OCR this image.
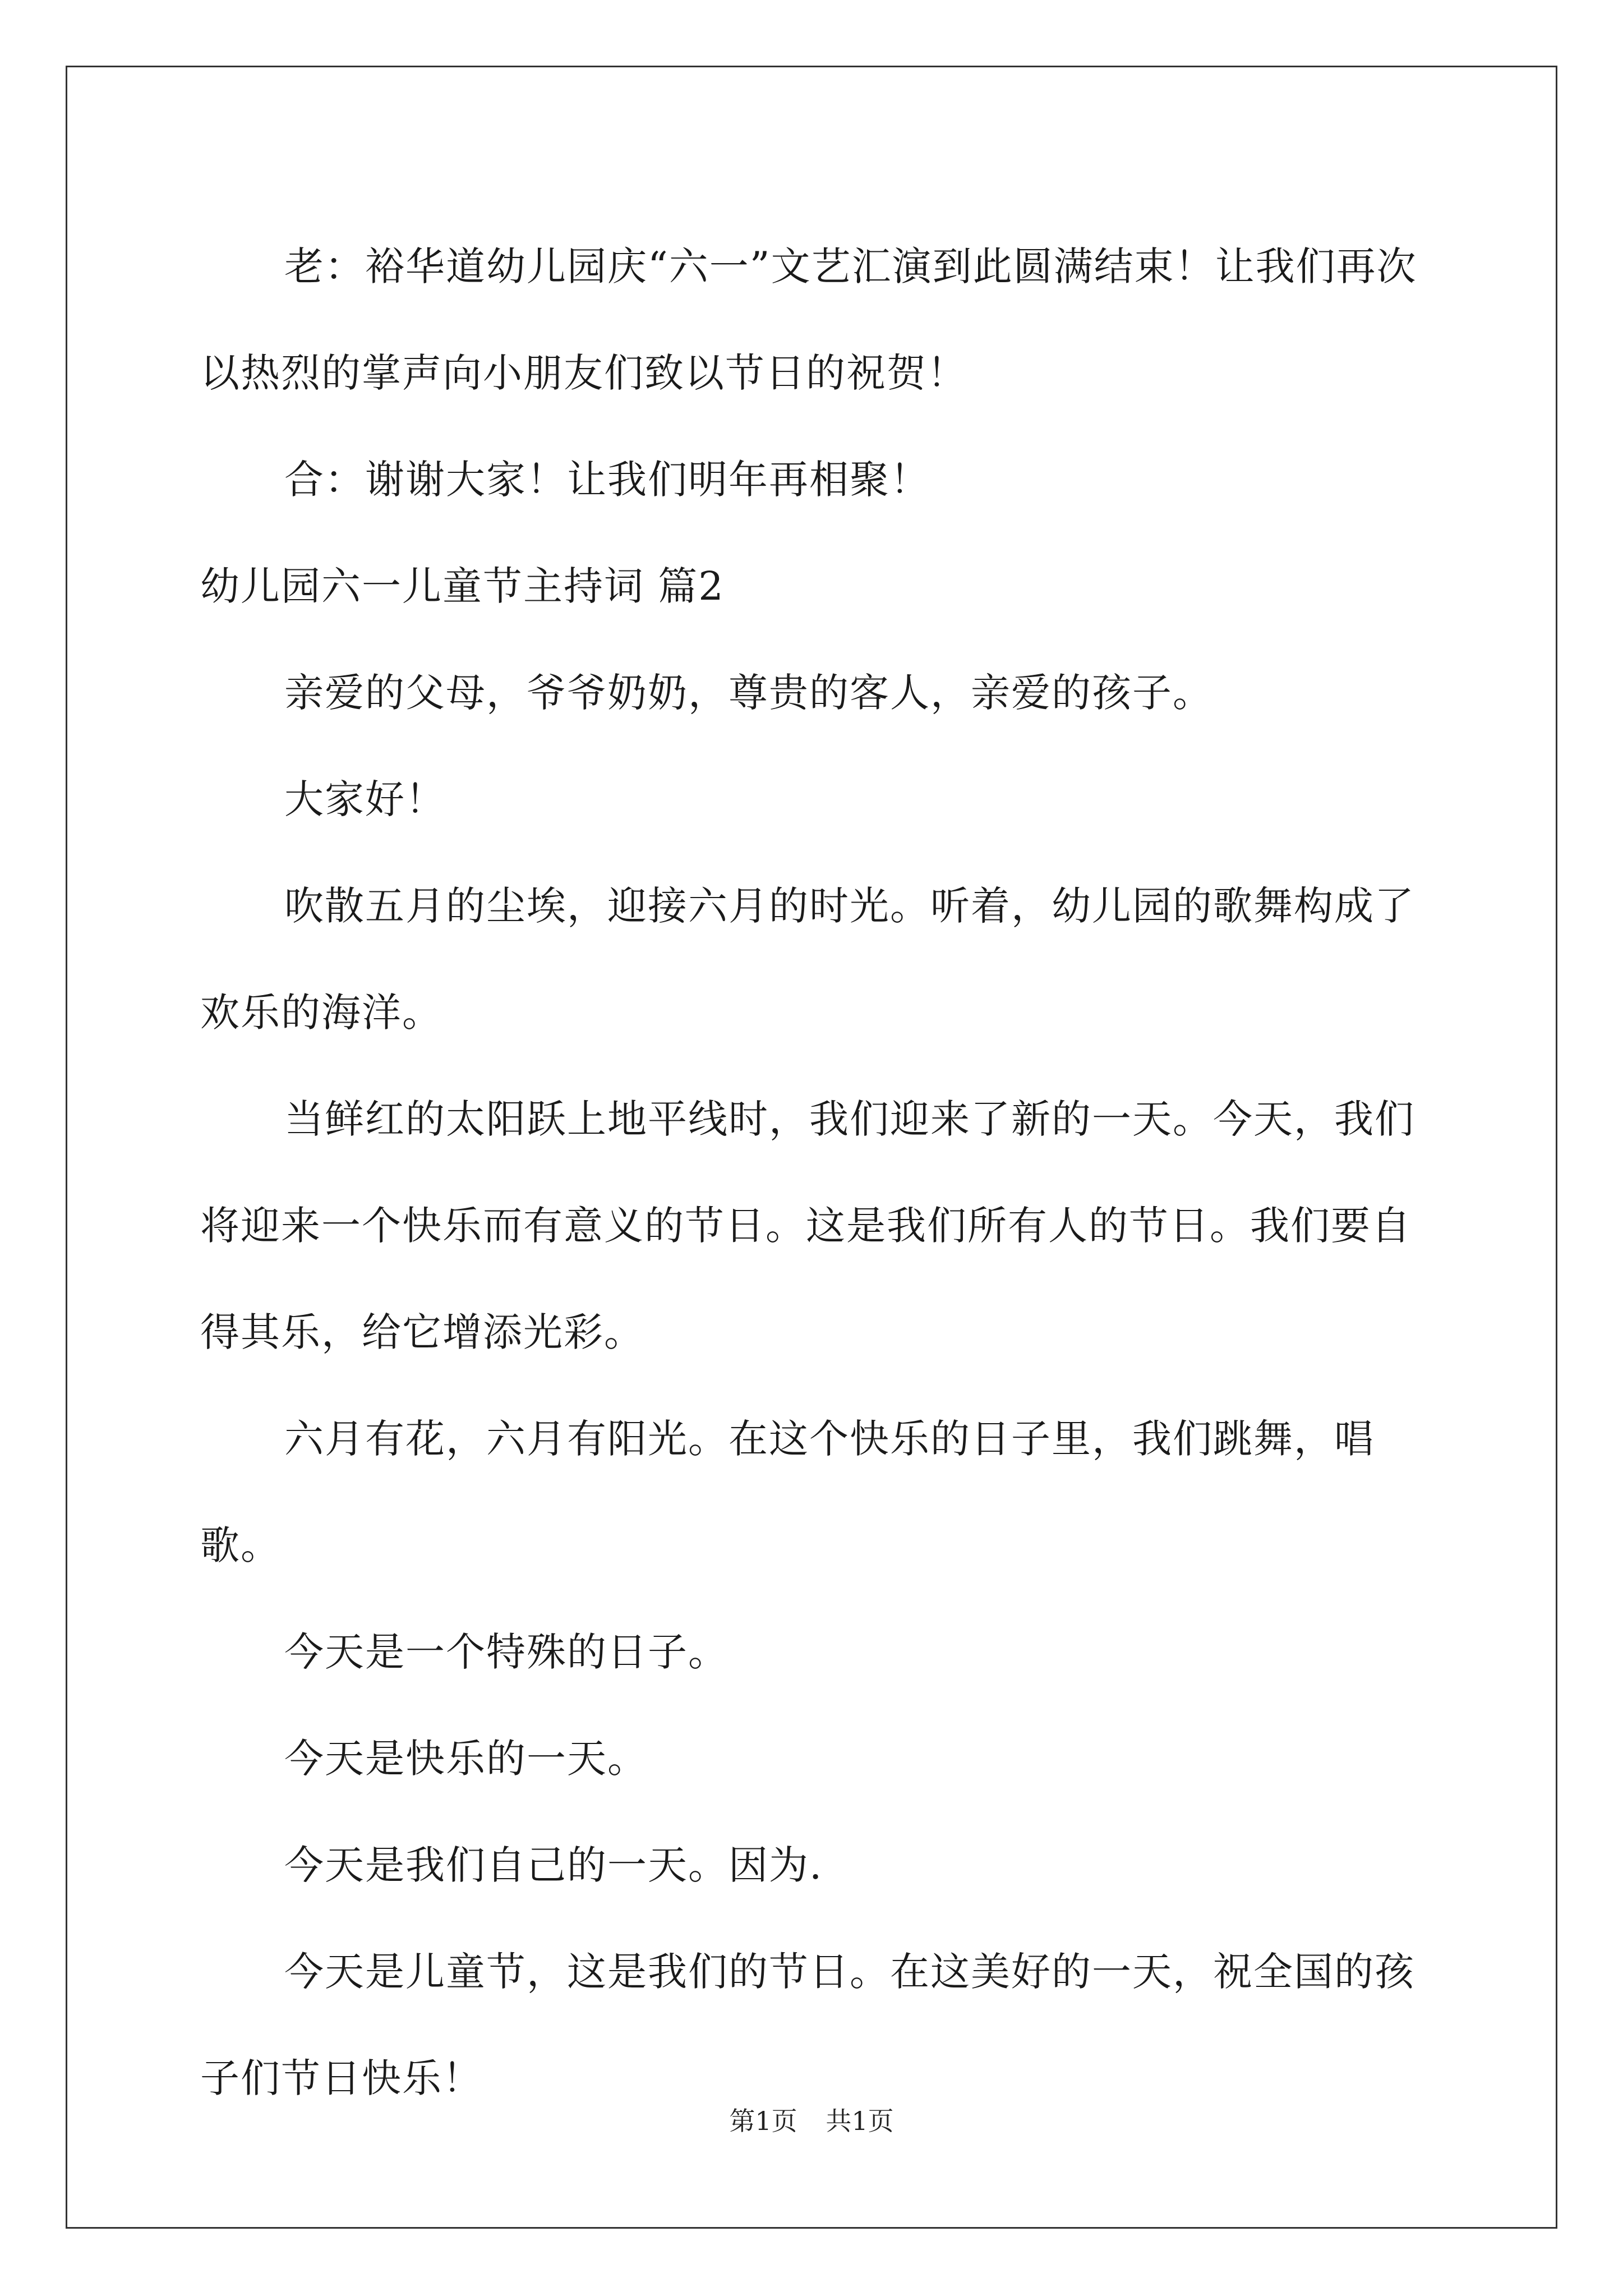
老：裕华道幼儿园庆“六一”文艺汇演到此圆满结束！让我们再次以热烈的掌声向小朋友们致以节日的祝贺！

合：谢谢大家！让我们明年再相聚！

幼儿园六一儿童节主持词 篇2

亲爱的父母，爷爷奶奶，尊贵的客人，亲爱的孩子。

大家好！

吹散五月的尘埃，迎接六月的时光。听着，幼儿园的歌舞构成了欢乐的海洋。

当鲜红的太阳跃上地平线时，我们迎来了新的一天。今天，我们将迎来一个快乐而有意义的节日。这是我们所有人的节日。我们要自得其乐，给它增添光彩。

六月有花，六月有阳光。在这个快乐的日子里，我们跳舞，唱歌。

今天是一个特殊的日子。

今天是快乐的一天。

今天是我们自己的一天。因为.

今天是儿童节，这是我们的节日。在这美好的一天，祝全国的孩子们节日快乐！

第1页 共1页
